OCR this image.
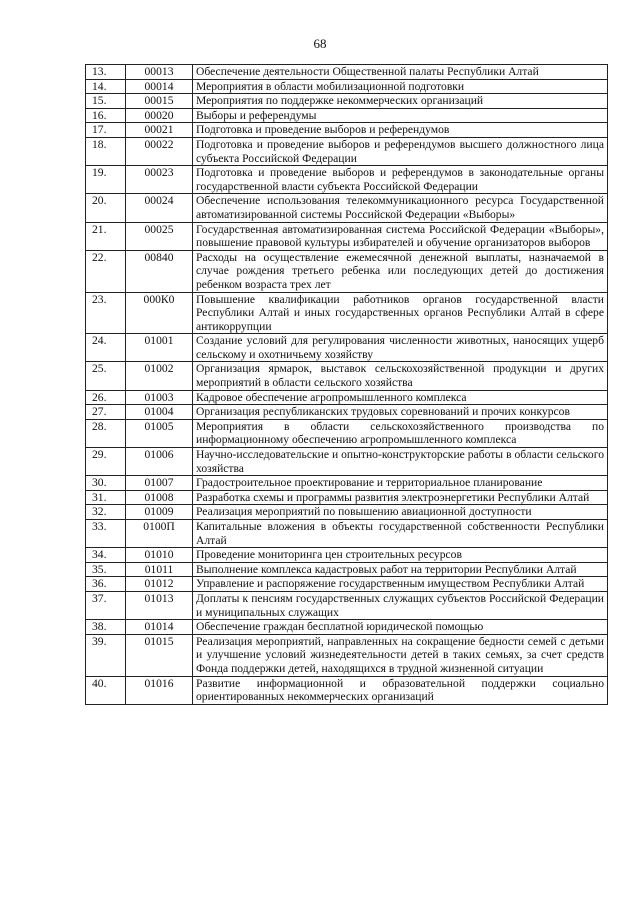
68
13.	00013	Обеспечение деятельности Общественной палаты Республики Алтай
14.	00014	Мероприятия в области мобилизационной подготовки
15.	00015	Мероприятия по поддержке некоммерческих организаций
16.	00020	Выборы и референдумы
17.	00021	Подготовка и проведение выборов и референдумов
18.	00022	Подготовка и проведение выборов и референдумов высшего должностного лица субъекта Российской Федерации
19.	00023	Подготовка и проведение выборов и референдумов в законодательные органы государственной власти субъекта Российской Федерации
20.	00024	Обеспечение использования телекоммуникационного ресурса Государственной автоматизированной системы Российской Федерации «Выборы»
21.	00025	Государственная автоматизированная система Российской Федерации «Выборы», повышение правовой культуры избирателей и обучение организаторов выборов
22.	00840	Расходы на осуществление ежемесячной денежной выплаты, назначаемой в случае рождения третьего ребенка или последующих детей до достижения ребенком возраста трех лет
23.	000К0	Повышение квалификации работников органов государственной власти Республики Алтай и иных государственных органов Республики Алтай в сфере антикоррупции
24.	01001	Создание условий для регулирования численности животных, наносящих ущерб сельскому и охотничьему хозяйству
25.	01002	Организация ярмарок, выставок сельскохозяйственной продукции и других мероприятий в области сельского хозяйства
26.	01003	Кадровое обеспечение агропромышленного комплекса
27.	01004	Организация республиканских трудовых соревнований и прочих конкурсов
28.	01005	Мероприятия в области сельскохозяйственного производства по информационному обеспечению агропромышленного комплекса
29.	01006	Научно-исследовательские и опытно-конструкторские работы в области сельского хозяйства
30.	01007	Градостроительное проектирование и территориальное планирование
31.	01008	Разработка схемы и программы развития электроэнергетики Республики Алтай
32.	01009	Реализация мероприятий по повышению авиационной доступности
33.	0100П	Капитальные вложения в объекты государственной собственности Республики Алтай
34.	01010	Проведение мониторинга цен строительных ресурсов
35.	01011	Выполнение комплекса кадастровых работ на территории Республики Алтай
36.	01012	Управление и распоряжение государственным имуществом Республики Алтай
37.	01013	Доплаты к пенсиям государственных служащих субъектов Российской Федерации и муниципальных служащих
38.	01014	Обеспечение граждан бесплатной юридической помощью
39.	01015	Реализация мероприятий, направленных на сокращение бедности семей с детьми и улучшение условий жизнедеятельности детей в таких семьях, за счет средств Фонда поддержки детей, находящихся в трудной жизненной ситуации
40.	01016	Развитие информационной и образовательной поддержки социально ориентированных некоммерческих организаций
